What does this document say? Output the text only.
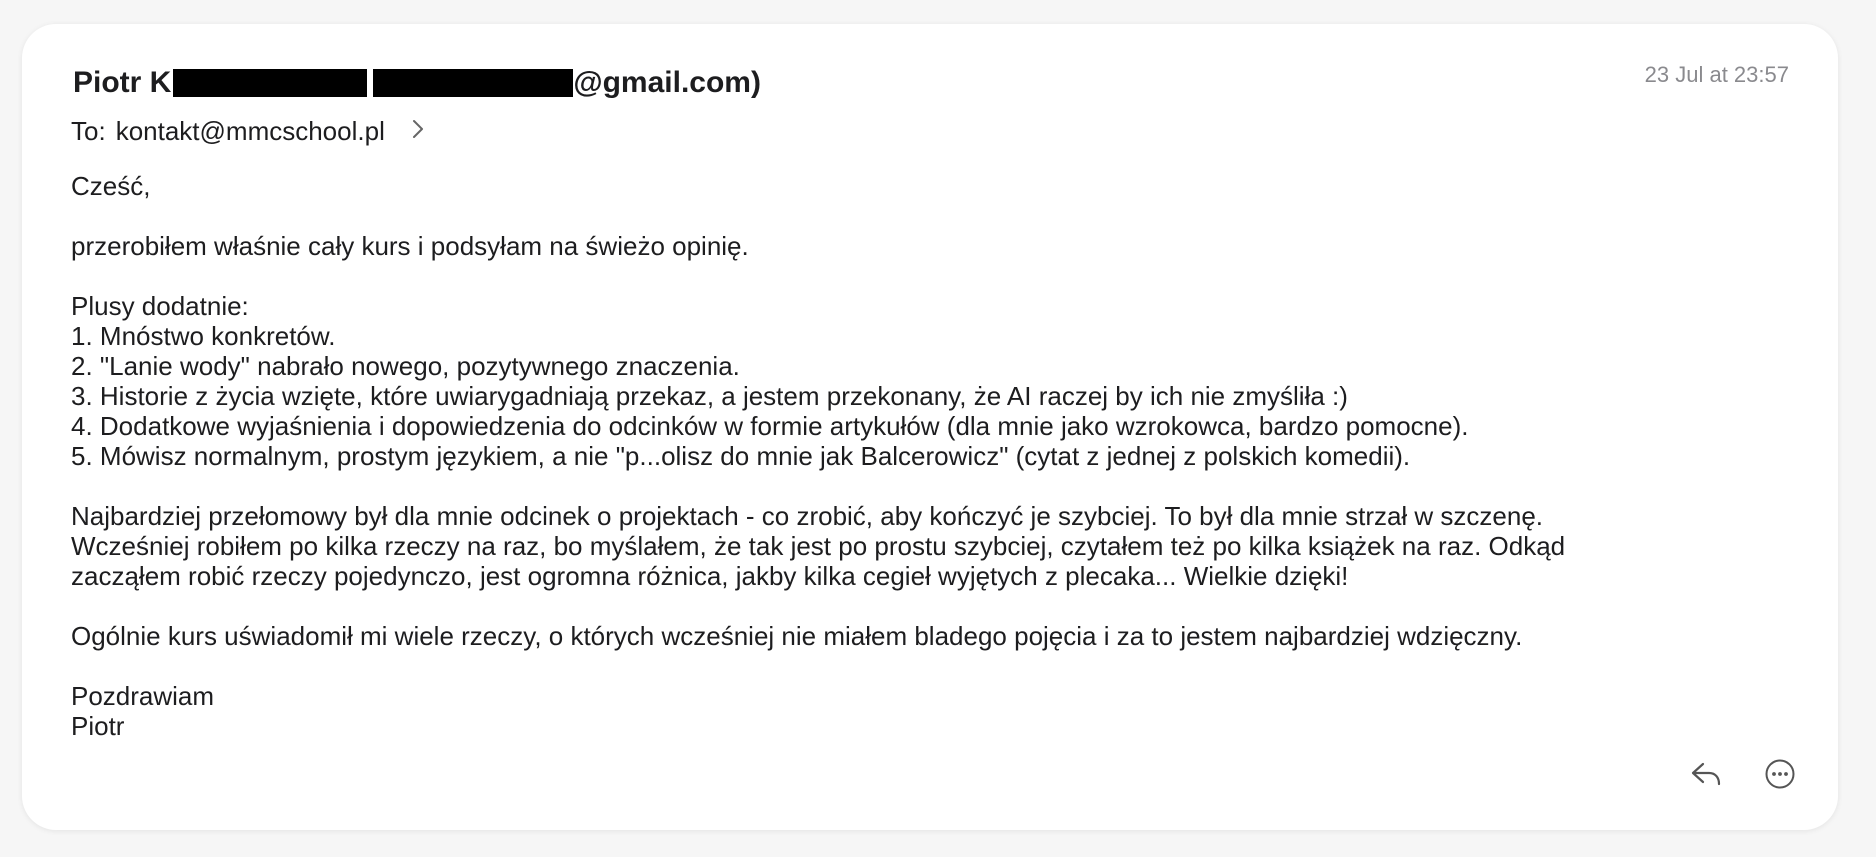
Piotr K	@gmail.com)	23 Jul at 23:57
To: kontakt@mmcschool.pl

Cześć,

przerobiłem właśnie cały kurs i podsyłam na świeżo opinię.

Plusy dodatnie:
1. Mnóstwo konkretów.
2. "Lanie wody" nabrało nowego, pozytywnego znaczenia.
3. Historie z życia wzięte, które uwiarygadniają przekaz, a jestem przekonany, że AI raczej by ich nie zmyśliła :)
4. Dodatkowe wyjaśnienia i dopowiedzenia do odcinków w formie artykułów (dla mnie jako wzrokowca, bardzo pomocne).
5. Mówisz normalnym, prostym językiem, a nie "p...olisz do mnie jak Balcerowicz" (cytat z jednej z polskich komedii).

Najbardziej przełomowy był dla mnie odcinek o projektach - co zrobić, aby kończyć je szybciej. To był dla mnie strzał w szczenę.
Wcześniej robiłem po kilka rzeczy na raz, bo myślałem, że tak jest po prostu szybciej, czytałem też po kilka książek na raz. Odkąd
zacząłem robić rzeczy pojedynczo, jest ogromna różnica, jakby kilka cegieł wyjętych z plecaka... Wielkie dzięki!

Ogólnie kurs uświadomił mi wiele rzeczy, o których wcześniej nie miałem bladego pojęcia i za to jestem najbardziej wdzięczny.

Pozdrawiam
Piotr
